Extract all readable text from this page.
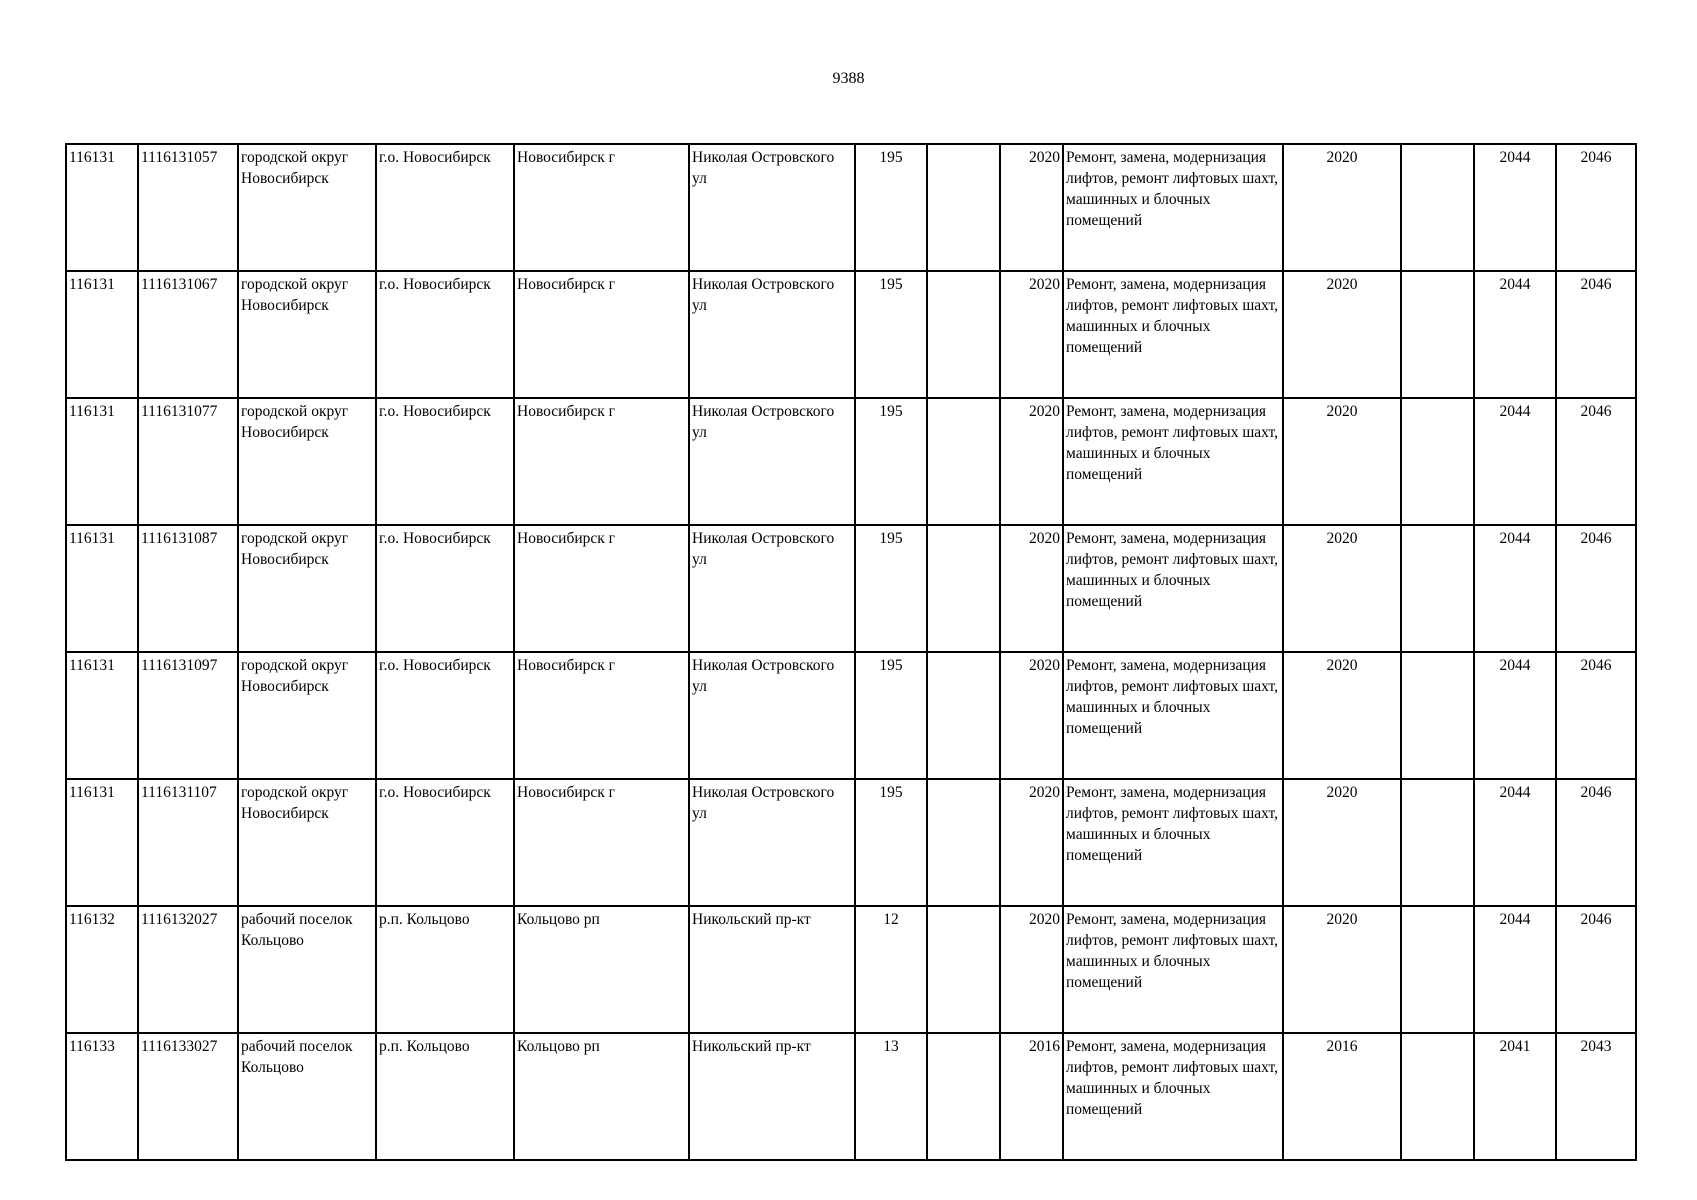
9388
116131	1116131057	городской округ Новосибирск	г.о. Новосибирск	Новосибирск г	Николая Островского ул	195		2020	Ремонт, замена, модернизация лифтов, ремонт лифтовых шахт, машинных и блочных помещений	2020		2044	2046
116131	1116131067	городской округ Новосибирск	г.о. Новосибирск	Новосибирск г	Николая Островского ул	195		2020	Ремонт, замена, модернизация лифтов, ремонт лифтовых шахт, машинных и блочных помещений	2020		2044	2046
116131	1116131077	городской округ Новосибирск	г.о. Новосибирск	Новосибирск г	Николая Островского ул	195		2020	Ремонт, замена, модернизация лифтов, ремонт лифтовых шахт, машинных и блочных помещений	2020		2044	2046
116131	1116131087	городской округ Новосибирск	г.о. Новосибирск	Новосибирск г	Николая Островского ул	195		2020	Ремонт, замена, модернизация лифтов, ремонт лифтовых шахт, машинных и блочных помещений	2020		2044	2046
116131	1116131097	городской округ Новосибирск	г.о. Новосибирск	Новосибирск г	Николая Островского ул	195		2020	Ремонт, замена, модернизация лифтов, ремонт лифтовых шахт, машинных и блочных помещений	2020		2044	2046
116131	1116131107	городской округ Новосибирск	г.о. Новосибирск	Новосибирск г	Николая Островского ул	195		2020	Ремонт, замена, модернизация лифтов, ремонт лифтовых шахт, машинных и блочных помещений	2020		2044	2046
116132	1116132027	рабочий поселок Кольцово	р.п. Кольцово	Кольцово рп	Никольский пр-кт	12		2020	Ремонт, замена, модернизация лифтов, ремонт лифтовых шахт, машинных и блочных помещений	2020		2044	2046
116133	1116133027	рабочий поселок Кольцово	р.п. Кольцово	Кольцово рп	Никольский пр-кт	13		2016	Ремонт, замена, модернизация лифтов, ремонт лифтовых шахт, машинных и блочных помещений	2016		2041	2043
